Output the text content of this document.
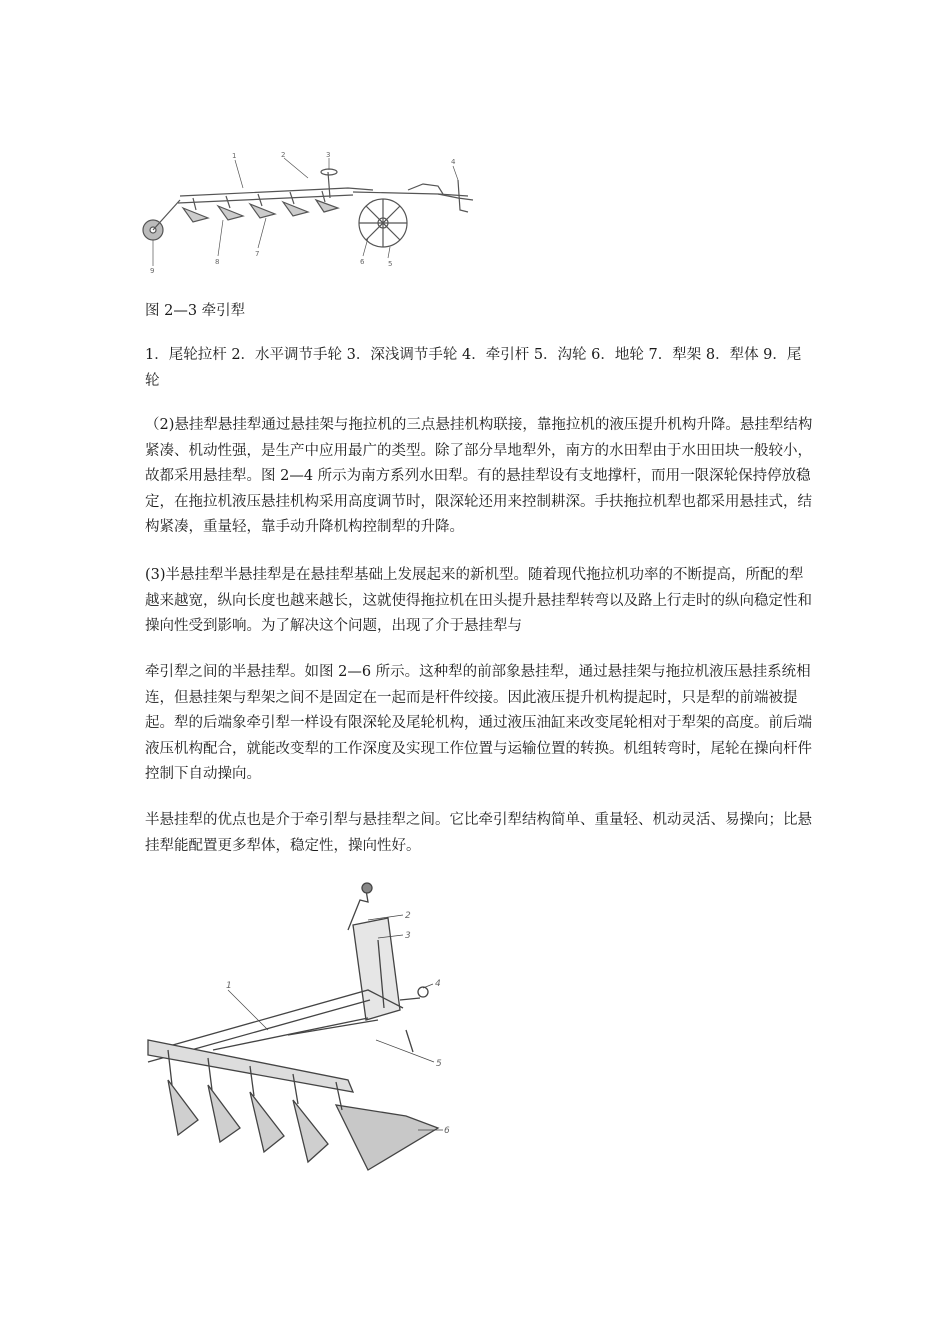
1	2	3
4
5
6
7
8
9

图 2—3 牵引犁

1．尾轮拉杆 2．水平调节手轮 3．深浅调节手轮 4．牵引杆 5．沟轮 6．地轮 7．犁架 8．犁体 9．尾轮

（2)悬挂犁悬挂犁通过悬挂架与拖拉机的三点悬挂机构联接，靠拖拉机的液压提升机构升降。悬挂犁结构紧凑、机动性强，是生产中应用最广的类型。除了部分旱地犁外，南方的水田犁由于水田田块一般较小，故都采用悬挂犁。图 2—4 所示为南方系列水田犁。有的悬挂犁设有支地撑杆，而用一限深轮保持停放稳定，在拖拉机液压悬挂机构采用高度调节时，限深轮还用来控制耕深。手扶拖拉机犁也都采用悬挂式，结构紧凑，重量轻，靠手动升降机构控制犁的升降。

(3)半悬挂犁半悬挂犁是在悬挂犁基础上发展起来的新机型。随着现代拖拉机功率的不断提高，所配的犁越来越宽，纵向长度也越来越长，这就使得拖拉机在田头提升悬挂犁转弯以及路上行走时的纵向稳定性和操向性受到影响。为了解决这个问题，出现了介于悬挂犁与

牵引犁之间的半悬挂犁。如图 2—6 所示。这种犁的前部象悬挂犁，通过悬挂架与拖拉机液压悬挂系统相连，但悬挂架与犁架之间不是固定在一起而是杆件绞接。因此液压提升机构提起时，只是犁的前端被提起。犁的后端象牵引犁一样设有限深轮及尾轮机构，通过液压油缸来改变尾轮相对于犁架的高度。前后端液压机构配合，就能改变犁的工作深度及实现工作位置与运输位置的转换。机组转弯时，尾轮在操向杆件控制下自动操向。

半悬挂犁的优点也是介于牵引犁与悬挂犁之间。它比牵引犁结构简单、重量轻、机动灵活、易操向；比悬挂犁能配置更多犁体，稳定性，操向性好。

1
2
3
4
5
6
